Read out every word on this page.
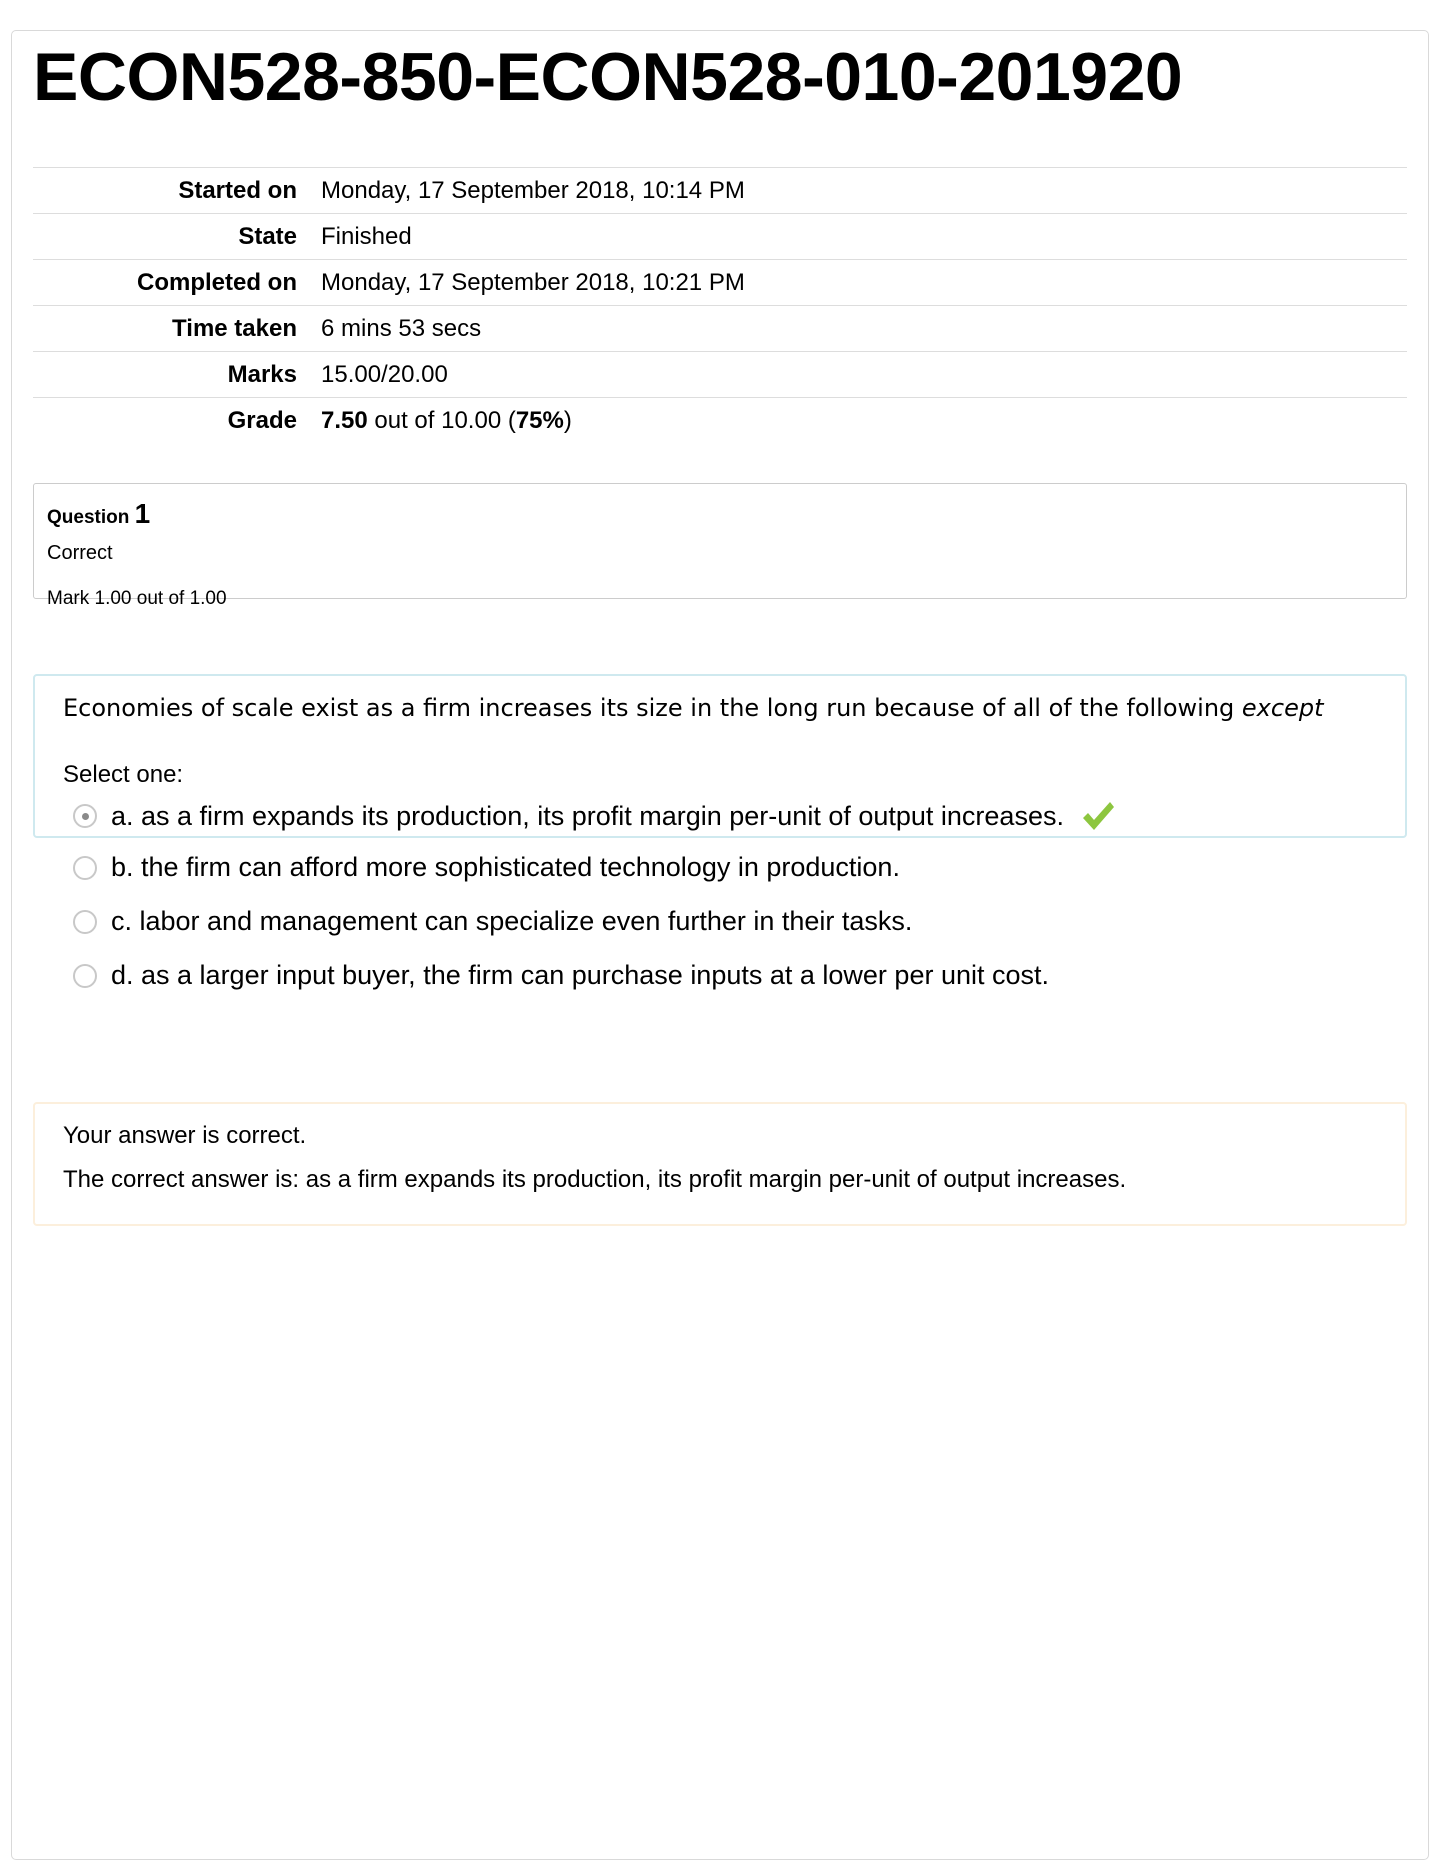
ECON528-850-ECON528-010-201920
Started on	Monday, 17 September 2018, 10:14 PM
State	Finished
Completed on	Monday, 17 September 2018, 10:21 PM
Time taken	6 mins 53 secs
Marks	15.00/20.00
Grade	7.50 out of 10.00 (75%)
Question 1
Correct
Mark 1.00 out of 1.00
Economies of scale exist as a firm increases its size in the long run because of all of the following except
Select one:
a. as a firm expands its production, its profit margin per-unit of output increases.
b. the firm can afford more sophisticated technology in production.
c. labor and management can specialize even further in their tasks.
d. as a larger input buyer, the firm can purchase inputs at a lower per unit cost.
Your answer is correct.
The correct answer is: as a firm expands its production, its profit margin per-unit of output increases.
